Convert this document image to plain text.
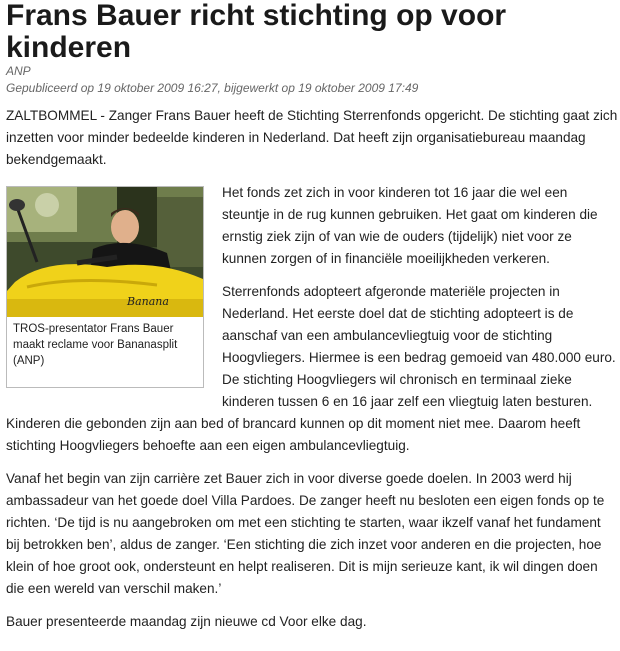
Frans Bauer richt stichting op voor kinderen
ANP
Gepubliceerd op 19 oktober 2009 16:27, bijgewerkt op 19 oktober 2009 17:49

ZALTBOMMEL - Zanger Frans Bauer heeft de Stichting Sterrenfonds opgericht. De stichting gaat zich inzetten voor minder bedeelde kinderen in Nederland. Dat heeft zijn organisatiebureau maandag bekendgemaakt.

Banana
TROS-presentator Frans Bauer maakt reclame voor Bananasplit (ANP)

Het fonds zet zich in voor kinderen tot 16 jaar die wel een steuntje in de rug kunnen gebruiken. Het gaat om kinderen die ernstig ziek zijn of van wie de ouders (tijdelijk) niet voor ze kunnen zorgen of in financiële moeilijkheden verkeren.

Sterrenfonds adopteert afgeronde materiële projecten in Nederland. Het eerste doel dat de stichting adopteert is de aanschaf van een ambulancevliegtuig voor de stichting Hoogvliegers. Hiermee is een bedrag gemoeid van 480.000 euro. De stichting Hoogvliegers wil chronisch en terminaal zieke kinderen tussen 6 en 16 jaar zelf een vliegtuig laten besturen. Kinderen die gebonden zijn aan bed of brancard kunnen op dit moment niet mee. Daarom heeft stichting Hoogvliegers behoefte aan een eigen ambulancevliegtuig.

Vanaf het begin van zijn carrière zet Bauer zich in voor diverse goede doelen. In 2003 werd hij ambassadeur van het goede doel Villa Pardoes. De zanger heeft nu besloten een eigen fonds op te richten. ‘De tijd is nu aangebroken om met een stichting te starten, waar ikzelf vanaf het fundament bij betrokken ben’, aldus de zanger. ‘Een stichting die zich inzet voor anderen en die projecten, hoe klein of hoe groot ook, ondersteunt en helpt realiseren. Dit is mijn serieuze kant, ik wil dingen doen die een wereld van verschil maken.’

Bauer presenteerde maandag zijn nieuwe cd Voor elke dag.
